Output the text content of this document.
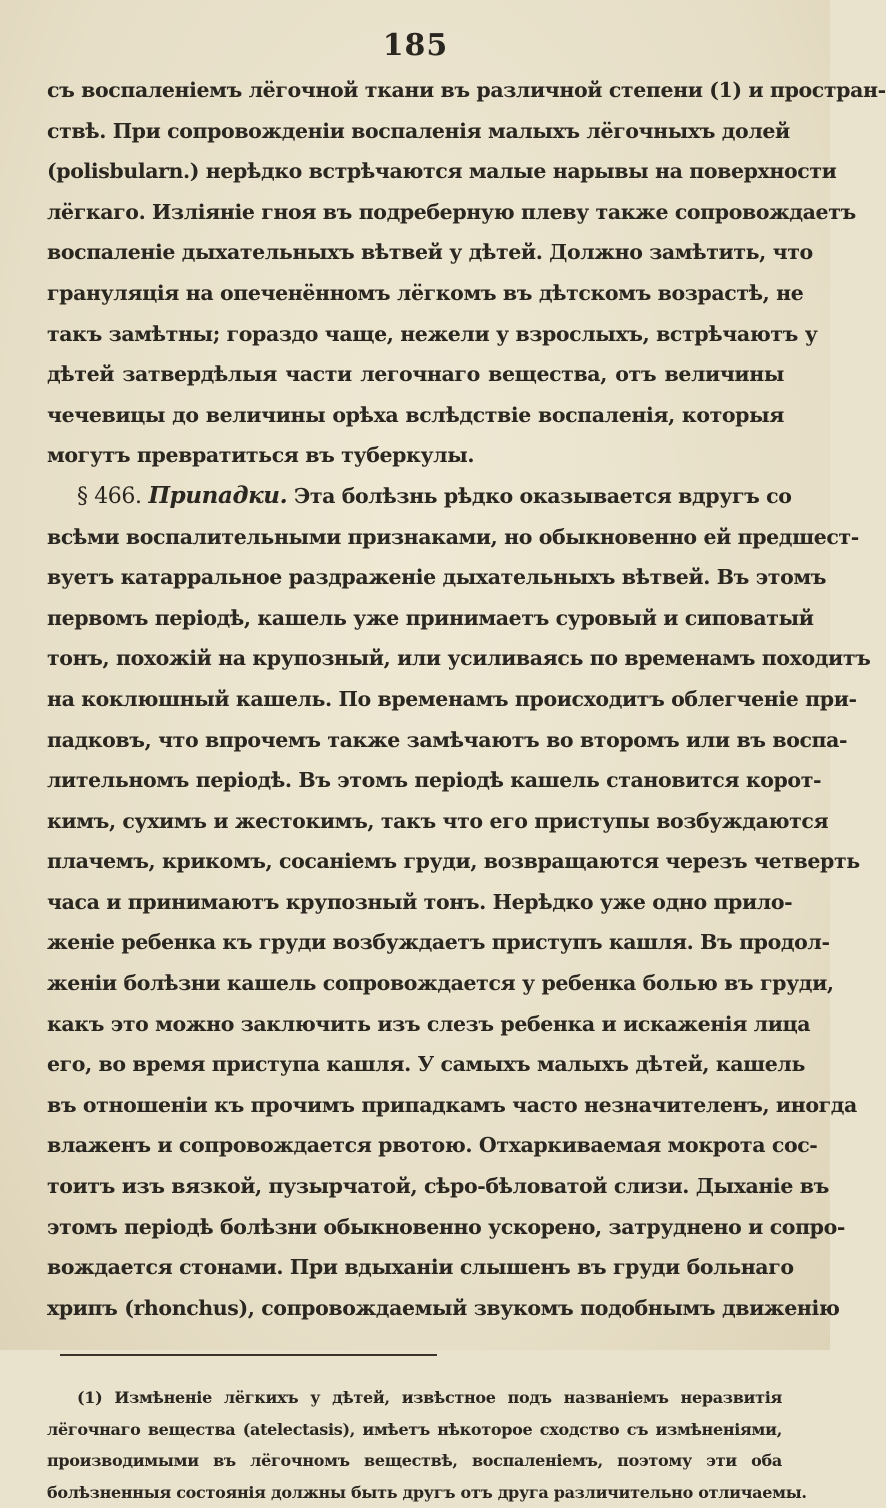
185
съ воспаленіемъ лёгочной ткани въ различной степени (1) и простран-
ствѣ. При сопровожденіи воспаленія малыхъ лёгочныхъ долей
(polisbularn.) нерѣдко встрѣчаются малые нарывы на поверхности
лёгкаго. Изліяніе гноя въ подреберную плеву также сопровождаетъ
воспаленіе дыхательныхъ вѣтвей у дѣтей. Должно замѣтить, что
грануляція на опеченённомъ лёгкомъ въ дѣтскомъ возрастѣ, не
такъ замѣтны; гораздо чаще, нежели у взрослыхъ, встрѣчаютъ у
дѣтей затвердѣлыя части легочнаго вещества, отъ величины
чечевицы до величины орѣха вслѣдствіе воспаленія, которыя
могутъ превратиться въ туберкулы.
§ 466. Припадки. Эта болѣзнь рѣдко оказывается вдругъ со
всѣми воспалительными признаками, но обыкновенно ей предшест-
вуетъ катарральное раздраженіе дыхательныхъ вѣтвей. Въ этомъ
первомъ періодѣ, кашель уже принимаетъ суровый и сиповатый
тонъ, похожій на крупозный, или усиливаясь по временамъ походитъ
на коклюшный кашель. По временамъ происходитъ облегченіе при-
падковъ, что впрочемъ также замѣчаютъ во второмъ или въ воспа-
лительномъ періодѣ. Въ этомъ періодѣ кашель становится корот-
кимъ, сухимъ и жестокимъ, такъ что его приступы возбуждаются
плачемъ, крикомъ, сосаніемъ груди, возвращаются черезъ четверть
часа и принимаютъ крупозный тонъ. Нерѣдко уже одно прило-
женіе ребенка къ груди возбуждаетъ приступъ кашля. Въ продол-
женіи болѣзни кашель сопровождается у ребенка болью въ груди,
какъ это можно заключить изъ слезъ ребенка и искаженія лица
его, во время приступа кашля. У самыхъ малыхъ дѣтей, кашель
въ отношеніи къ прочимъ припадкамъ часто незначителенъ, иногда
влаженъ и сопровождается рвотою. Отхаркиваемая мокрота сос-
тоитъ изъ вязкой, пузырчатой, сѣро-бѣловатой слизи. Дыханіе въ
этомъ періодѣ болѣзни обыкновенно ускорено, затруднено и сопро-
вождается стонами. При вдыханіи слышенъ въ груди больнаго
хрипъ (rhonchus), сопровождаемый звукомъ подобнымъ движенію
(1) Измѣненіе лёгкихъ у дѣтей, извѣстное подъ названіемъ неразвитія
лёгочнаго вещества (atelectasis), имѣетъ нѣкоторое сходство съ измѣненіями,
производимыми въ лёгочномъ веществѣ, воспаленіемъ, поэтому эти оба
болѣзненныя состоянія должны быть другъ отъ друга различительно отличаемы.
